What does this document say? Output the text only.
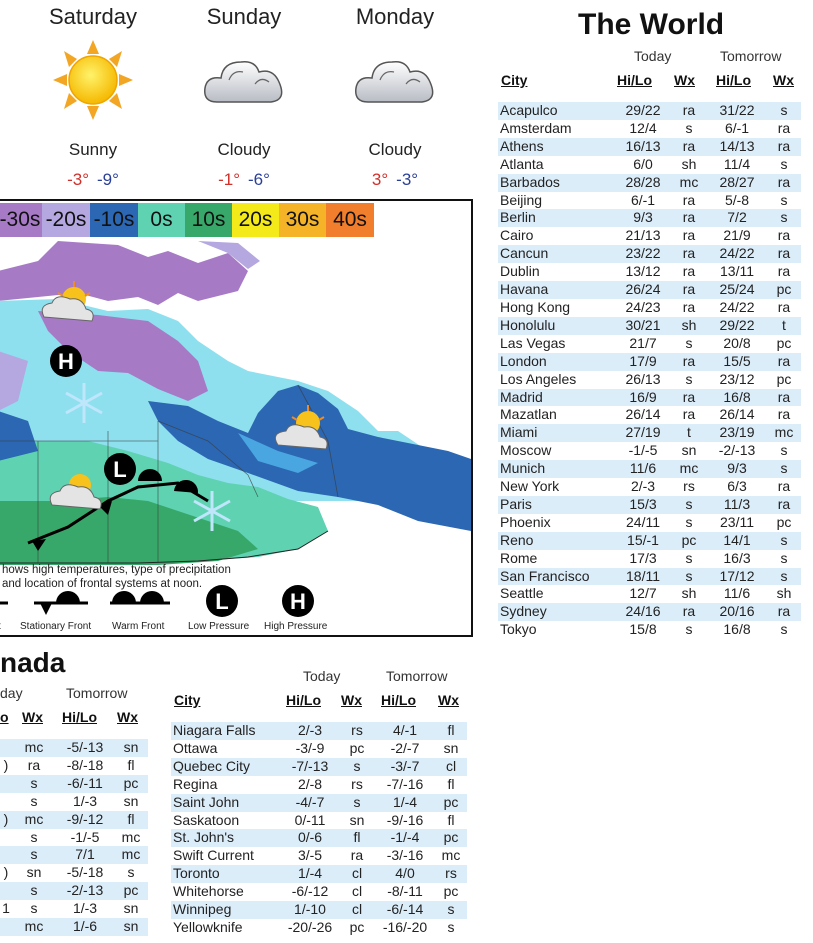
Saturday
Sunny
-3° -9°
Sunday
Cloudy
-1° -6°
Monday
Cloudy
3° -3°
H
L
-30s -20s -10s 0s 10s 20s 30s 40s
hows high temperatures, type of precipitation
and location of frontal systems at noon.
L	H
Stationary Front Warm Front Low Pressure High Pressure
The World
Today	Tomorrow
City	Hi/Lo Wx Hi/Lo Wx
Acapulco	29/22	ra	31/22	s
Amsterdam	12/4	s	6/-1	ra
Athens	16/13	ra	14/13	ra
Atlanta	6/0	sh	11/4	s
Barbados	28/28	mc	28/27	ra
Beijing	6/-1	ra	5/-8	s
Berlin	9/3	ra	7/2	s
Cairo	21/13	ra	21/9	ra
Cancun	23/22	ra	24/22	ra
Dublin	13/12	ra	13/11	ra
Havana	26/24	ra	25/24	pc
Hong Kong	24/23	ra	24/22	ra
Honolulu	30/21	sh	29/22	t
Las Vegas	21/7	s	20/8	pc
London	17/9	ra	15/5	ra
Los Angeles	26/13	s	23/12	pc
Madrid	16/9	ra	16/8	ra
Mazatlan	26/14	ra	26/14	ra
Miami	27/19	t	23/19	mc
Moscow	-1/-5	sn	-2/-13	s
Munich	11/6	mc	9/3	s
New York	2/-3	rs	6/3	ra
Paris	15/3	s	11/3	ra
Phoenix	24/11	s	23/11	pc
Reno	15/-1	pc	14/1	s
Rome	17/3	s	16/3	s
San Francisco	18/11	s	17/12	s
Seattle	12/7	sh	11/6	sh
Sydney	24/16	ra	20/16	ra
Tokyo	15/8	s	16/8	s
nada
day	Tomorrow
o Wx Hi/Lo Wx
	mc	-5/-13	sn
)	ra	-8/-18	fl
	s	-6/-11	pc
	s	1/-3	sn
)	mc	-9/-12	fl
	s	-1/-5	mc
	s	7/1	mc
)	sn	-5/-18	s
	s	-2/-13	pc
1	s	1/-3	sn
	mc	1/-6	sn
Today	Tomorrow
City	Hi/Lo Wx Hi/Lo Wx
Niagara Falls	2/-3	rs	4/-1	fl
Ottawa	-3/-9	pc	-2/-7	sn
Quebec City	-7/-13	s	-3/-7	cl
Regina	2/-8	rs	-7/-16	fl
Saint John	-4/-7	s	1/-4	pc
Saskatoon	0/-11	sn	-9/-16	fl
St. John's	0/-6	fl	-1/-4	pc
Swift Current	3/-5	ra	-3/-16	mc
Toronto	1/-4	cl	4/0	rs
Whitehorse	-6/-12	cl	-8/-11	pc
Winnipeg	1/-10	cl	-6/-14	s
Yellowknife	-20/-26	pc	-16/-20	s
